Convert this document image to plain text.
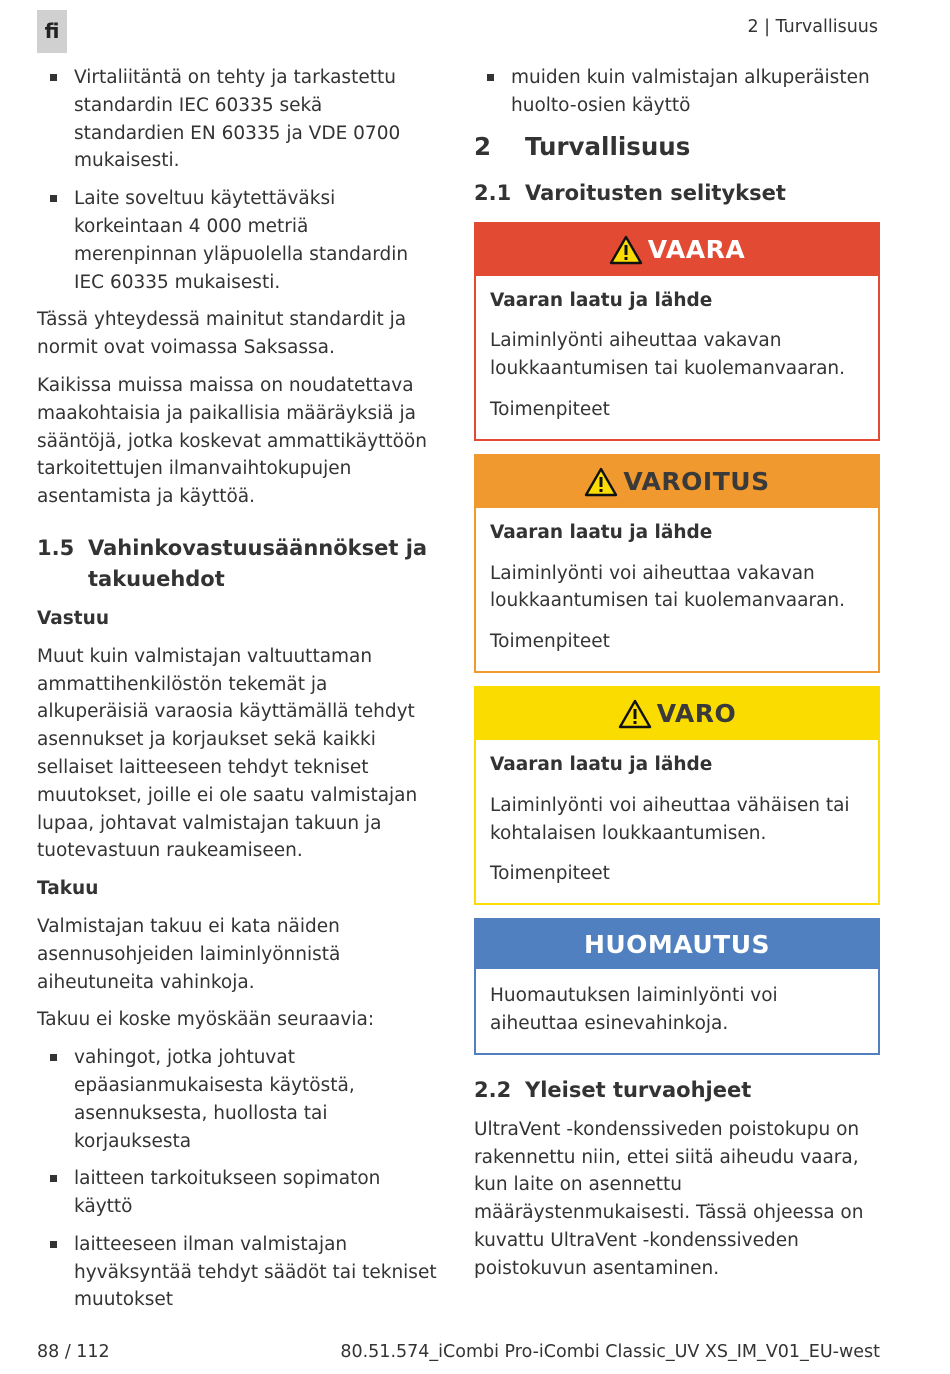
fi	2 | Turvallisuus
Virtaliitäntä on tehty ja tarkastettu standardin IEC 60335 sekä standardien EN 60335 ja VDE 0700 mukaisesti.
Laite soveltuu käytettäväksi korkeintaan 4 000 metriä merenpinnan yläpuolella standardin IEC 60335 mukaisesti.

Tässä yhteydessä mainitut standardit ja normit ovat voimassa Saksassa.

Kaikissa muissa maissa on noudatettava maakohtaisia ja paikallisia määräyksiä ja sääntöjä, jotka koskevat ammattikäyttöön tarkoitettujen ilmanvaihtokupujen asentamista ja käyttöä.

1.5 Vahinkovastuusäännökset ja takuuehdot
Vastuu

Muut kuin valmistajan valtuuttaman ammattihenkilöstön tekemät ja alkuperäisiä varaosia käyttämällä tehdyt asennukset ja korjaukset sekä kaikki sellaiset laitteeseen tehdyt tekniset muutokset, joille ei ole saatu valmistajan lupaa, johtavat valmistajan takuun ja tuotevastuun raukeamiseen.

Takuu

Valmistajan takuu ei kata näiden asennusohjeiden laiminlyönnistä aiheutuneita vahinkoja.

Takuu ei koske myöskään seuraavia:

vahingot, jotka johtuvat epäasianmukaisesta käytöstä, asennuksesta, huollosta tai korjauksesta
laitteen tarkoitukseen sopimaton käyttö
laitteeseen ilman valmistajan hyväksyntää tehdyt säädöt tai tekniset muutokset
muiden kuin valmistajan alkuperäisten huolto-osien käyttö
2	Turvallisuus
2.1 Varoitusten selitykset
VAARA
Vaaran laatu ja lähde
Laiminlyönti aiheuttaa vakavan loukkaantumisen tai kuolemanvaaran.
Toimenpiteet
VAROITUS
Vaaran laatu ja lähde
Laiminlyönti voi aiheuttaa vakavan loukkaantumisen tai kuolemanvaaran.
Toimenpiteet
VARO
Vaaran laatu ja lähde
Laiminlyönti voi aiheuttaa vähäisen tai kohtalaisen loukkaantumisen.
Toimenpiteet
HUOMAUTUS
Huomautuksen laiminlyönti voi aiheuttaa esinevahinkoja.
2.2 Yleiset turvaohjeet

UltraVent -kondenssiveden poistokupu on rakennettu niin, ettei siitä aiheudu vaara, kun laite on asennettu määräystenmukaisesti. Tässä ohjeessa on kuvattu UltraVent -kondenssiveden poistokuvun asentaminen.

88 / 112	80.51.574_iCombi Pro-iCombi Classic_UV XS_IM_V01_EU-west
